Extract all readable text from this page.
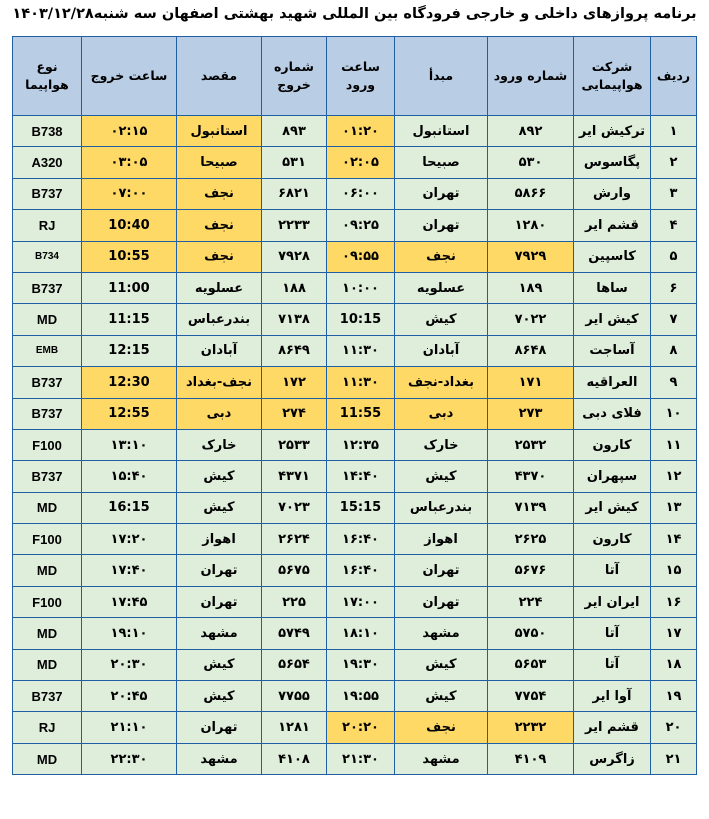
برنامه پروازهای داخلی و خارجی فرودگاه بین المللی شهید بهشتی اصفهان سه شنبه۱۴۰۳/۱۲/۲۸
ردیف	شرکت هواپیمایی	شماره ورود	مبدأ	ساعت ورود	شماره خروج	مقصد	ساعت خروج	نوع هواپیما
۱	ترکیش ایر	۸۹۲	استانبول	۰۱:۲۰	۸۹۳	استانبول	۰۲:۱۵	B738
۲	پگاسوس	۵۳۰	صبیحا	۰۲:۰۵	۵۳۱	صبیحا	۰۳:۰۵	A320
۳	وارش	۵۸۶۶	تهران	۰۶:۰۰	۶۸۲۱	نجف	۰۷:۰۰	B737
۴	قشم ایر	۱۲۸۰	تهران	۰۹:۲۵	۲۲۳۳	نجف	10:40	RJ
۵	کاسپین	۷۹۲۹	نجف	۰۹:۵۵	۷۹۲۸	نجف	10:55	B734
۶	ساها	۱۸۹	عسلویه	۱۰:۰۰	۱۸۸	عسلویه	11:00	B737
۷	کیش ایر	۷۰۲۲	کیش	10:15	۷۱۳۸	بندرعباس	11:15	MD
۸	آساجت	۸۶۴۸	آبادان	۱۱:۳۰	۸۶۴۹	آبادان	12:15	EMB
۹	العراقیه	۱۷۱	بغداد-نجف	۱۱:۳۰	۱۷۲	نجف-بغداد	12:30	B737
۱۰	فلای دبی	۲۷۳	دبی	11:55	۲۷۴	دبی	12:55	B737
۱۱	کارون	۲۵۳۲	خارک	۱۲:۳۵	۲۵۳۳	خارک	۱۳:۱۰	F100
۱۲	سپهران	۴۳۷۰	کیش	۱۴:۴۰	۴۳۷۱	کیش	۱۵:۴۰	B737
۱۳	کیش ایر	۷۱۳۹	بندرعباس	15:15	۷۰۲۳	کیش	16:15	MD
۱۴	کارون	۲۶۲۵	اهواز	۱۶:۴۰	۲۶۲۴	اهواز	۱۷:۲۰	F100
۱۵	آتا	۵۶۷۶	تهران	۱۶:۴۰	۵۶۷۵	تهران	۱۷:۴۰	MD
۱۶	ایران ایر	۲۲۴	تهران	۱۷:۰۰	۲۲۵	تهران	۱۷:۴۵	F100
۱۷	آتا	۵۷۵۰	مشهد	۱۸:۱۰	۵۷۴۹	مشهد	۱۹:۱۰	MD
۱۸	آتا	۵۶۵۳	کیش	۱۹:۳۰	۵۶۵۴	کیش	۲۰:۳۰	MD
۱۹	آوا ایر	۷۷۵۴	کیش	۱۹:۵۵	۷۷۵۵	کیش	۲۰:۴۵	B737
۲۰	قشم ایر	۲۲۳۲	نجف	۲۰:۲۰	۱۲۸۱	تهران	۲۱:۱۰	RJ
۲۱	زاگرس	۴۱۰۹	مشهد	۲۱:۳۰	۴۱۰۸	مشهد	۲۲:۳۰	MD
